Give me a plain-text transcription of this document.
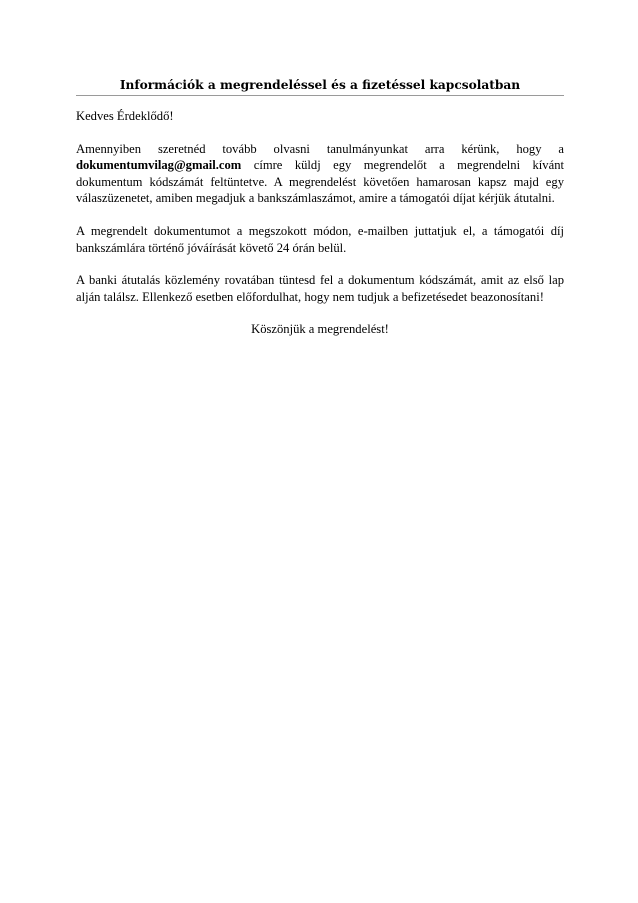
Információk a megrendeléssel és a fizetéssel kapcsolatban

Kedves Érdeklődő!

Amennyiben szeretnéd tovább olvasni tanulmányunkat arra kérünk, hogy a dokumentumvilag@gmail.com címre küldj egy megrendelőt a megrendelni kívánt dokumentum kódszámát feltüntetve. A megrendelést követően hamarosan kapsz majd egy válaszüzenetet, amiben megadjuk a bankszámlaszámot, amire a támogatói díjat kérjük átutalni.

A megrendelt dokumentumot a megszokott módon, e-mailben juttatjuk el, a támogatói díj bankszámlára történő jóváírását követő 24 órán belül.

A banki átutalás közlemény rovatában tüntesd fel a dokumentum kódszámát, amit az első lap alján találsz. Ellenkező esetben előfordulhat, hogy nem tudjuk a befizetésedet beazonosítani!

Köszönjük a megrendelést!
